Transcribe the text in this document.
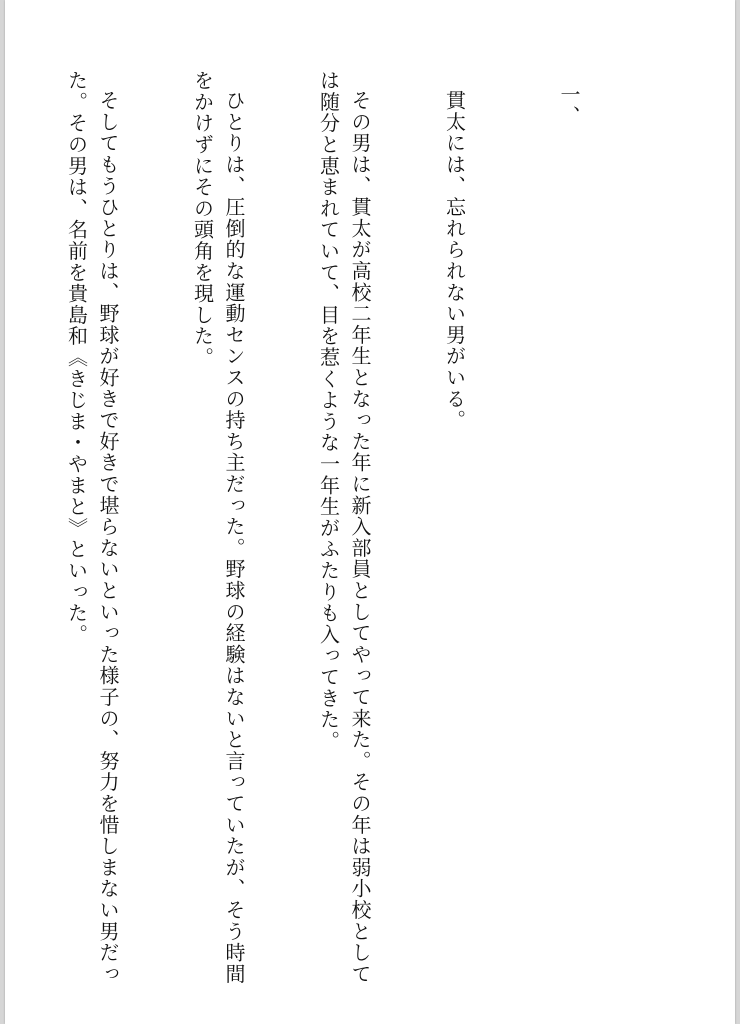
一、

貫太には、忘れられない男がいる。

その男は、貫太が高校二年生となった年に新入部員としてやって来た。その年は弱小校としては随分と恵まれていて、目を惹くような一年生がふたりも入ってきた。

ひとりは、圧倒的な運動センスの持ち主だった。野球の経験はないと言っていたが、そう時間をかけずにその頭角を現した。

そしてもうひとりは、野球が好きで好きで堪らないといった様子の、努力を惜しまない男だった。その男は、名前を貴島和《きじま・やまと》といった。
